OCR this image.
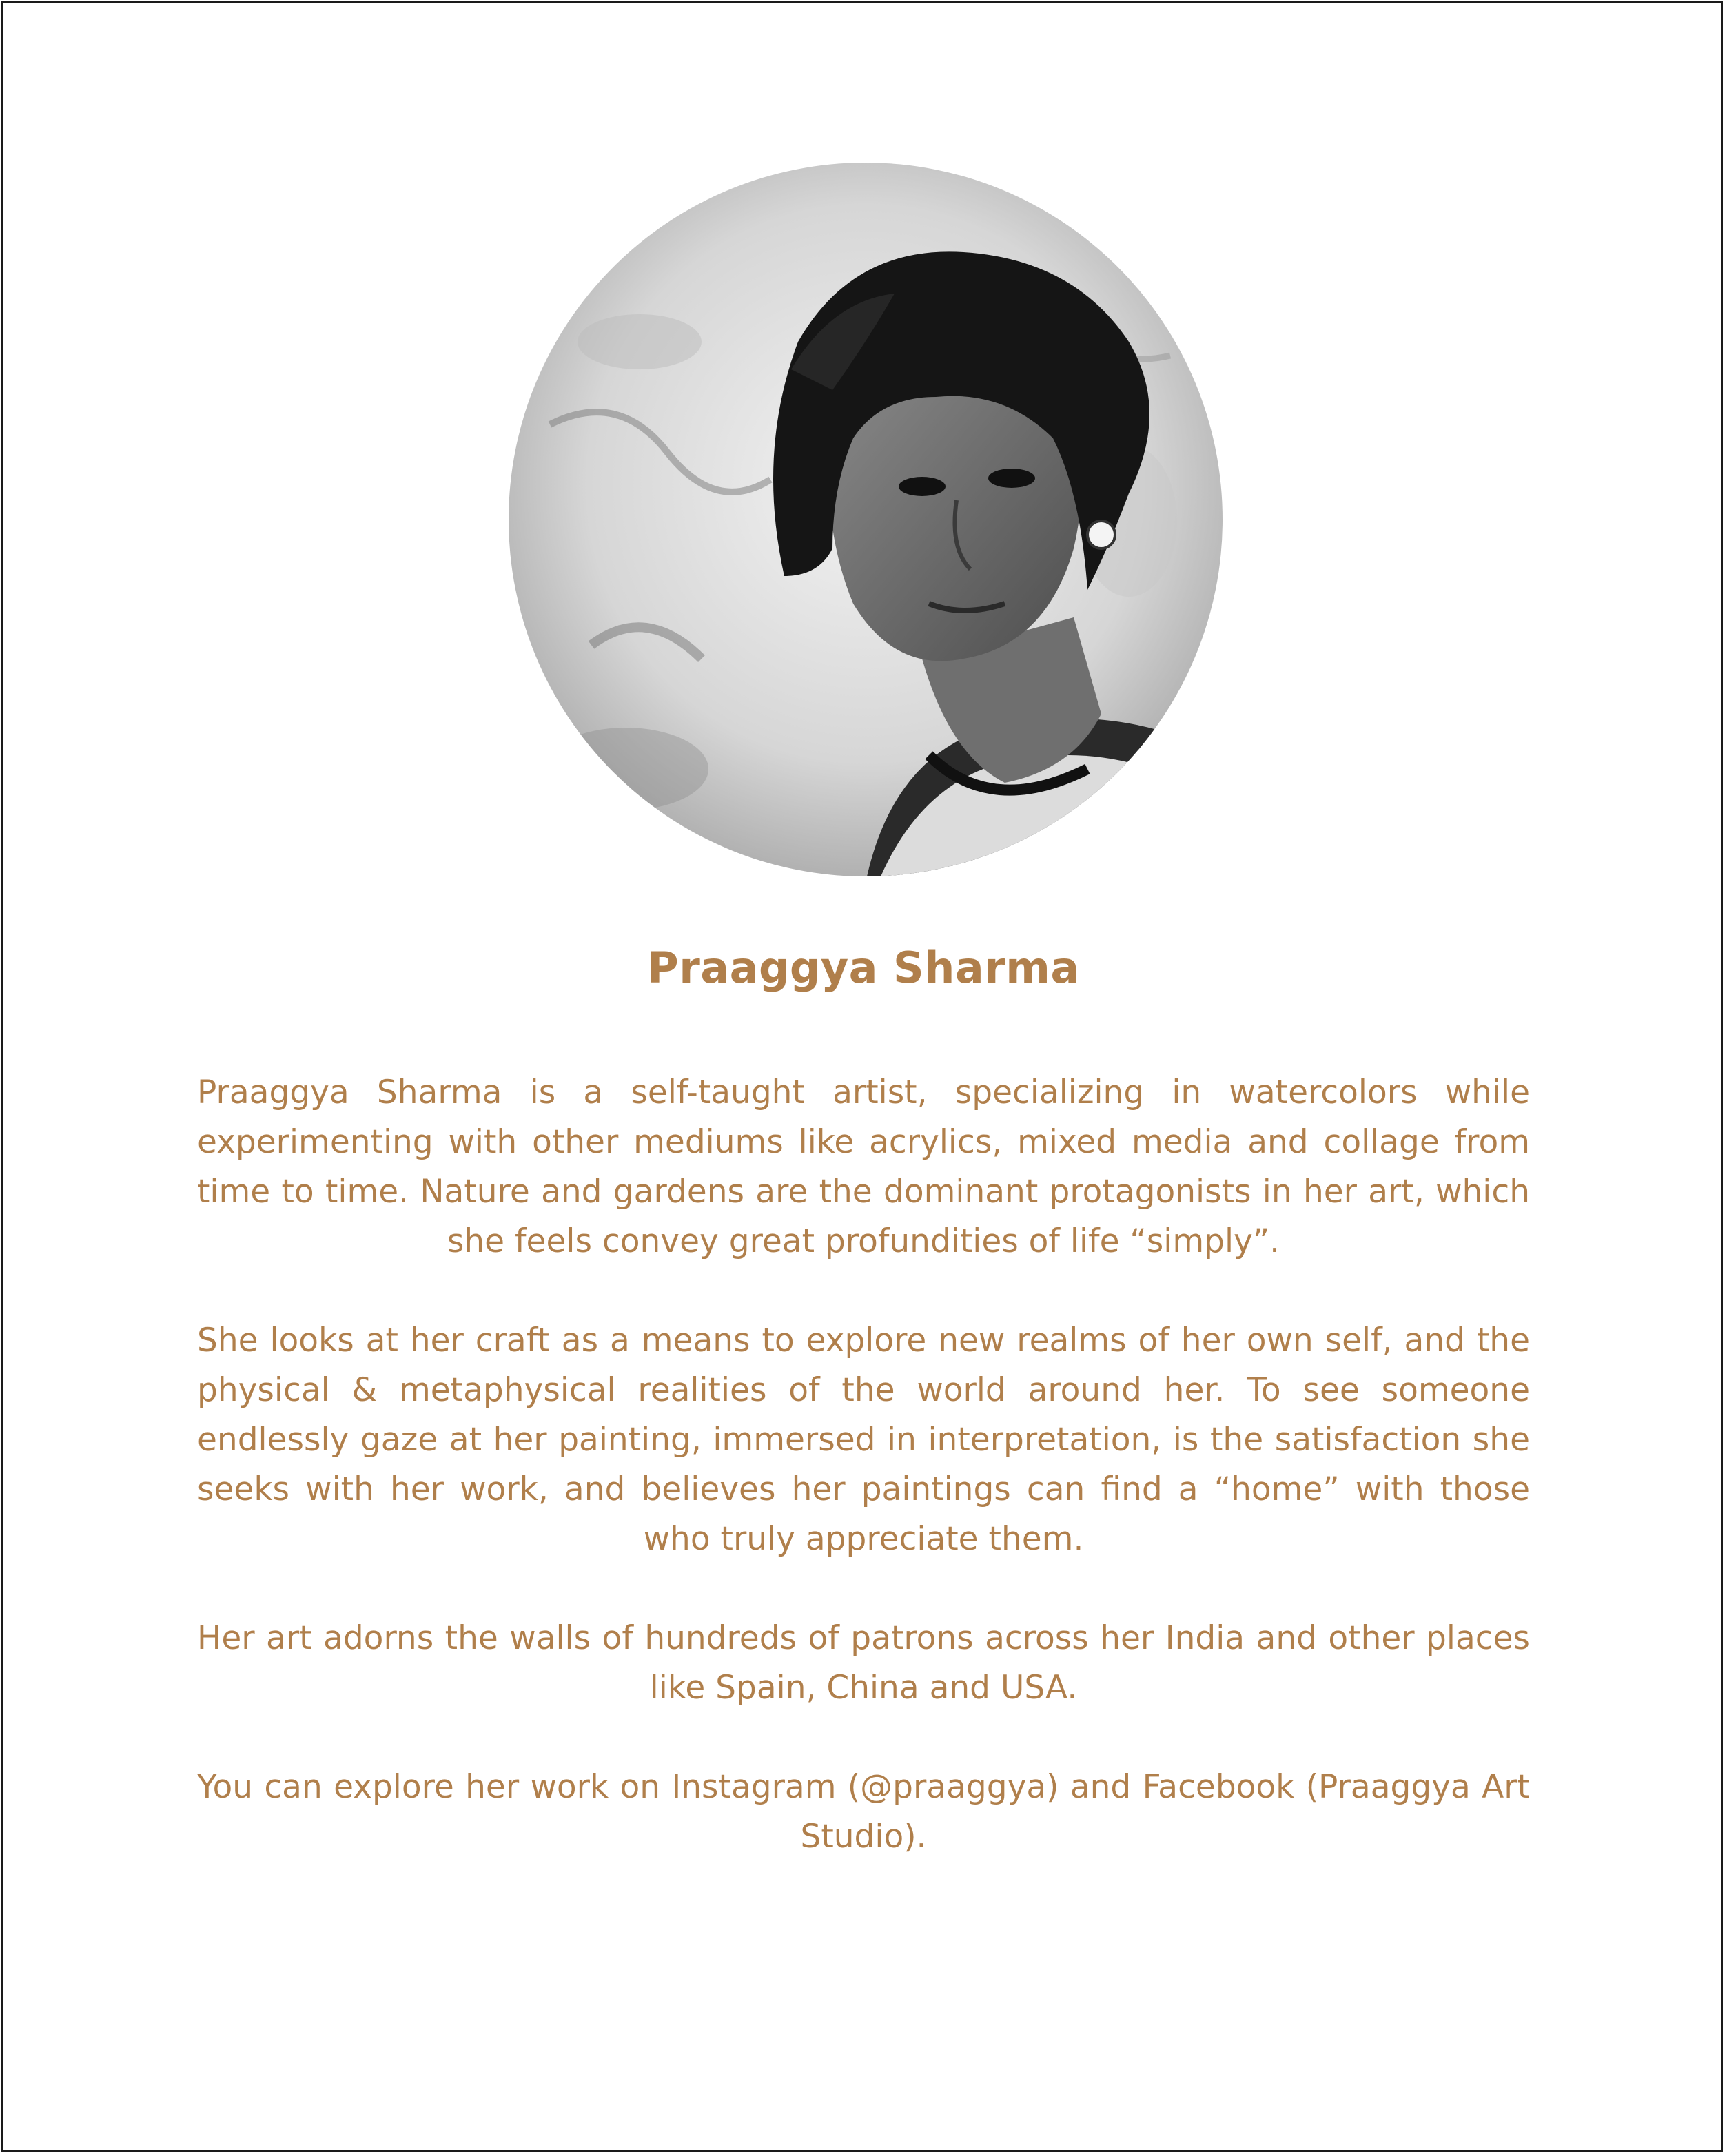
Praaggya Sharma

Praaggya Sharma is a self-taught artist, specializing in watercolors while experimenting with other mediums like acrylics, mixed media and collage from time to time. Nature and gardens are the dominant protagonists in her art, which she feels convey great profundities of life “simply”.

She looks at her craft as a means to explore new realms of her own self, and the physical & metaphysical realities of the world around her. To see someone endlessly gaze at her painting, immersed in interpretation, is the satisfaction she seeks with her work, and believes her paintings can find a “home” with those who truly appreciate them.

Her art adorns the walls of hundreds of patrons across her India and other places like Spain, China and USA.

You can explore her work on Instagram (@praaggya) and Facebook (Praaggya Art Studio).
